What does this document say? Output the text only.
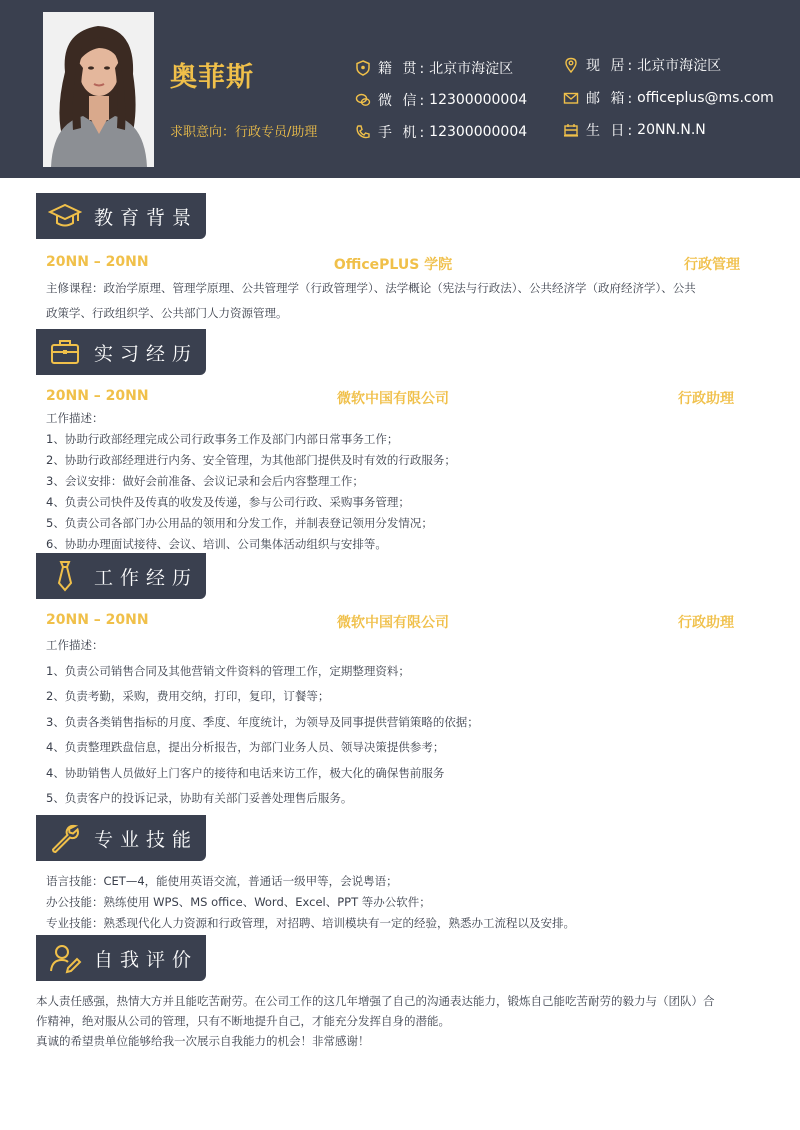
奥菲斯
求职意向：行政专员/助理
籍 贯: 北京市海淀区
微 信: 12300000004
手 机: 12300000004
现 居: 北京市海淀区
邮 箱: officeplus@ms.com
生 日: 20NN.N.N
教育背景
20NN – 20NN	OfficePLUS 学院	行政管理

主修课程：政治学原理、管理学原理、公共管理学（行政管理学）、法学概论（宪法与行政法）、公共经济学（政府经济学）、公共

政策学、行政组织学、公共部门人力资源管理。

实习经历
20NN – 20NN	微软中国有限公司	行政助理

工作描述：

1、协助行政部经理完成公司行政事务工作及部门内部日常事务工作；

2、协助行政部经理进行内务、安全管理，为其他部门提供及时有效的行政服务；

3、会议安排：做好会前准备、会议记录和会后内容整理工作；

4、负责公司快件及传真的收发及传递，参与公司行政、采购事务管理；

5、负责公司各部门办公用品的领用和分发工作，并制表登记领用分发情况；

6、协助办理面试接待、会议、培训、公司集体活动组织与安排等。

工作经历
20NN – 20NN	微软中国有限公司	行政助理

工作描述：

1、负责公司销售合同及其他营销文件资料的管理工作，定期整理资料；

2、负责考勤，采购，费用交纳，打印，复印，订餐等；

3、负责各类销售指标的月度、季度、年度统计，为领导及同事提供营销策略的依据；

4、负责整理跌盘信息，提出分析报告，为部门业务人员、领导决策提供参考；

4、协助销售人员做好上门客户的接待和电话来访工作，极大化的确保售前服务

5、负责客户的投诉记录，协助有关部门妥善处理售后服务。

专业技能

语言技能：CET—4，能使用英语交流，普通话一级甲等，会说粤语；

办公技能：熟练使用 WPS、MS office、Word、Excel、PPT 等办公软件；

专业技能：熟悉现代化人力资源和行政管理，对招聘、培训模块有一定的经验，熟悉办工流程以及安排。

自我评价

本人责任感强，热情大方并且能吃苦耐劳。在公司工作的这几年增强了自己的沟通表达能力，锻炼自己能吃苦耐劳的毅力与（团队）合

作精神，绝对服从公司的管理，只有不断地提升自己，才能充分发挥自身的潜能。

真诚的希望贵单位能够给我一次展示自我能力的机会！非常感谢！
